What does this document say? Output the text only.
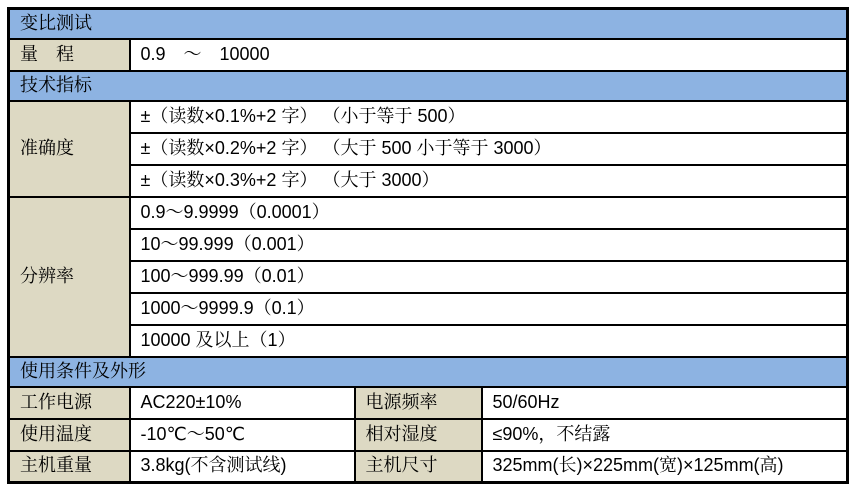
变比测试			
量　程	0.9　～　10000		
技术指标			
准确度	±（读数×0.1%+2 字） （小于等于 500）		
	±（读数×0.2%+2 字） （大于 500 小于等于 3000）		
	±（读数×0.3%+2 字） （大于 3000）		
分辨率	0.9～9.9999（0.0001）		
	10～99.999（0.001）		
	100～999.99（0.01）		
	1000～9999.9（0.1）		
	10000 及以上（1）		
使用条件及外形			
工作电源	AC220±10%	电源频率	50/60Hz
使用温度	-10℃～50℃	相对湿度	≤90%，不结露
主机重量	3.8kg(不含测试线)	主机尺寸	325mm(长)×225mm(宽)×125mm(高)
